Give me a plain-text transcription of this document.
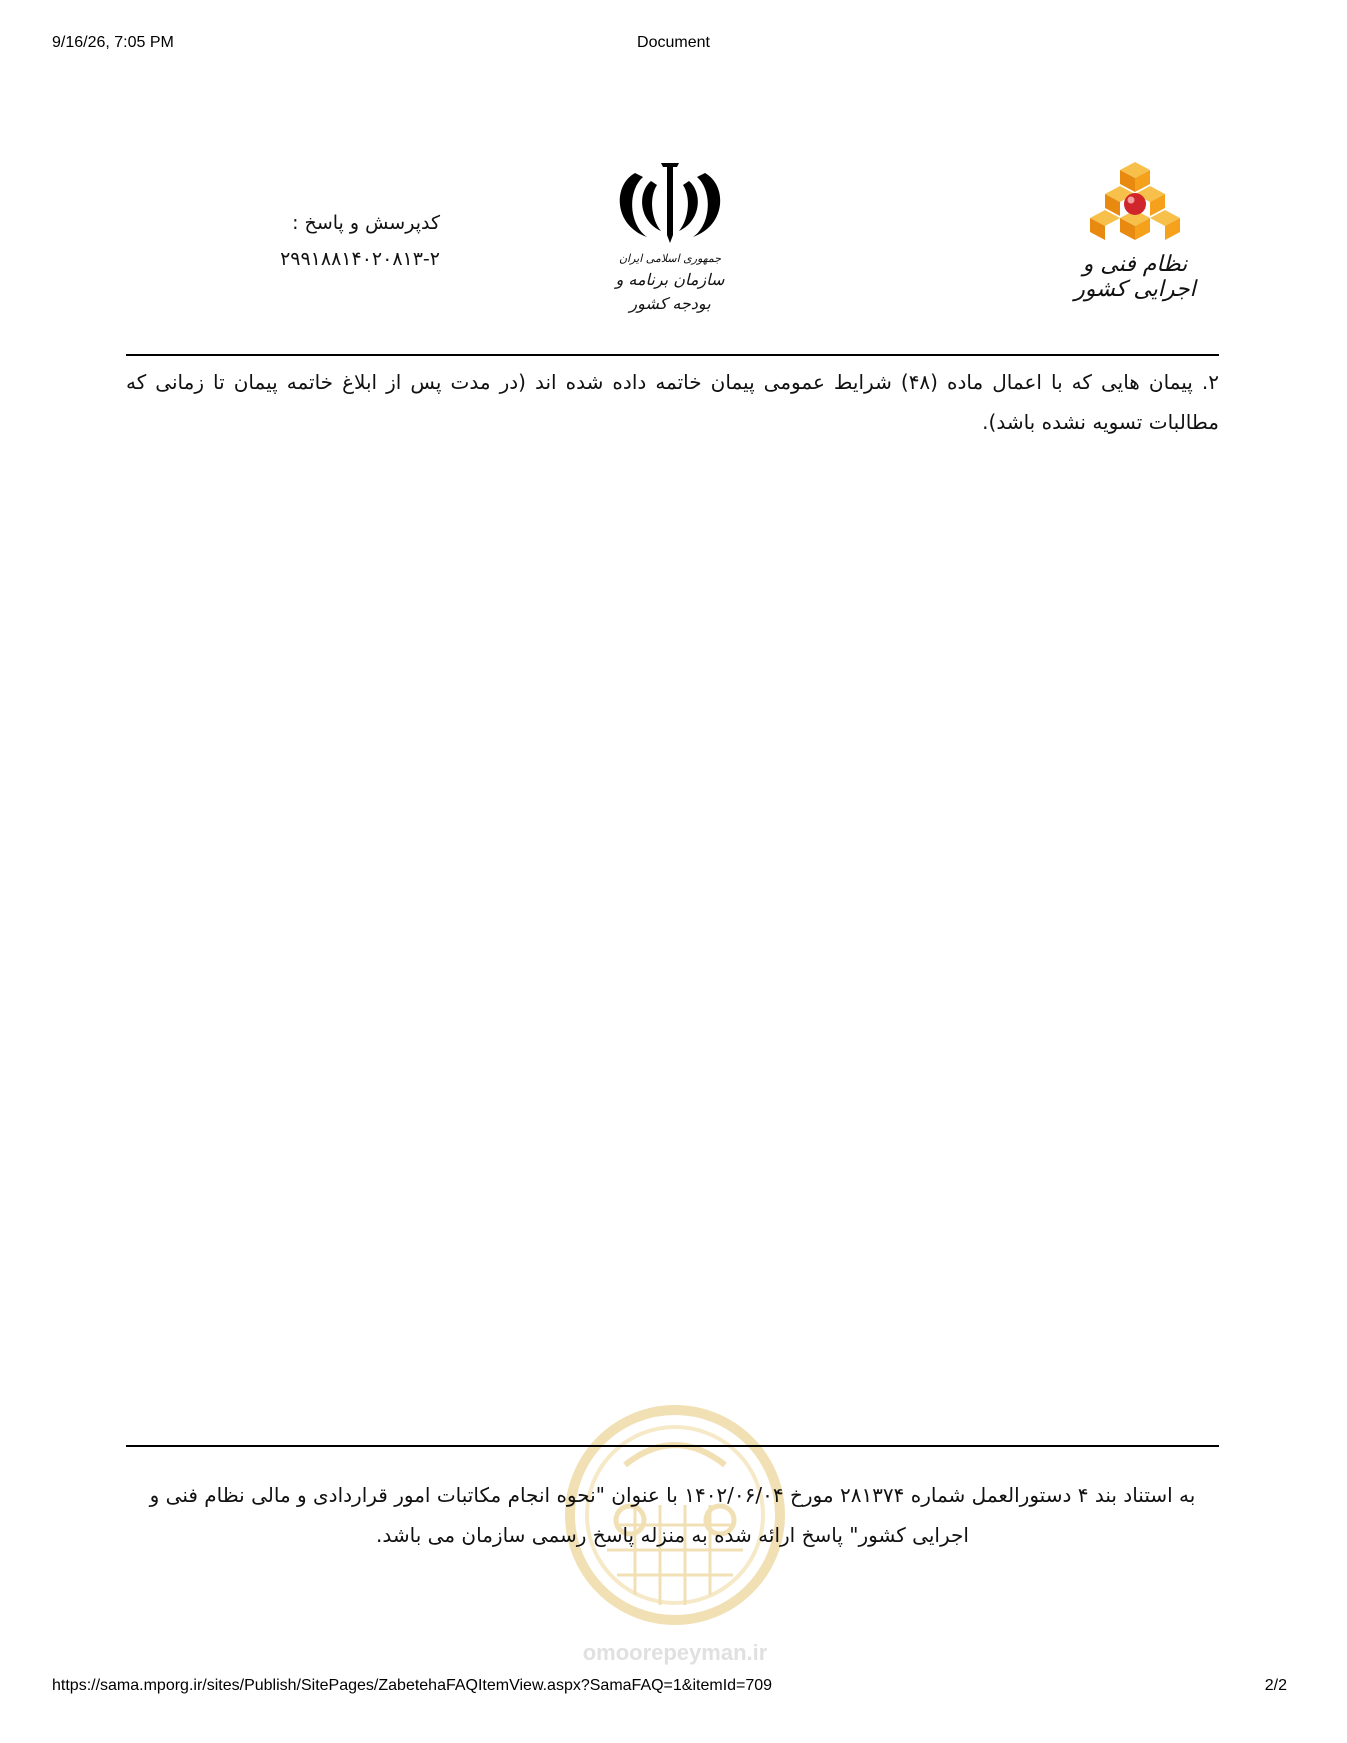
9/16/26, 7:05 PM	Document
کدپرسش و پاسخ :
۲۹۹۱۸۸۱۴۰۲۰۸۱۳-۲	جمهوری اسلامی ایران
سازمان برنامه و بودجه کشور
نظام فنی و اجرایی کشور
۲. پیمان هایی که با اعمال ماده (۴۸) شرایط عمومی پیمان خاتمه داده شده اند (در مدت پس از ابلاغ خاتمه پیمان تا زمانی که مطالبات تسویه نشده باشد).
omoorepeyman.ir
به استناد بند ۴ دستورالعمل شماره ۲۸۱۳۷۴ مورخ ۱۴۰۲/۰۶/۰۴ با عنوان "نحوه انجام مکاتبات امور قراردادی و مالی نظام فنی و اجرایی کشور" پاسخ ارائه شده به منزله پاسخ رسمی سازمان می باشد.
https://sama.mporg.ir/sites/Publish/SitePages/ZabetehaFAQItemView.aspx?SamaFAQ=1&itemId=709	2/2
